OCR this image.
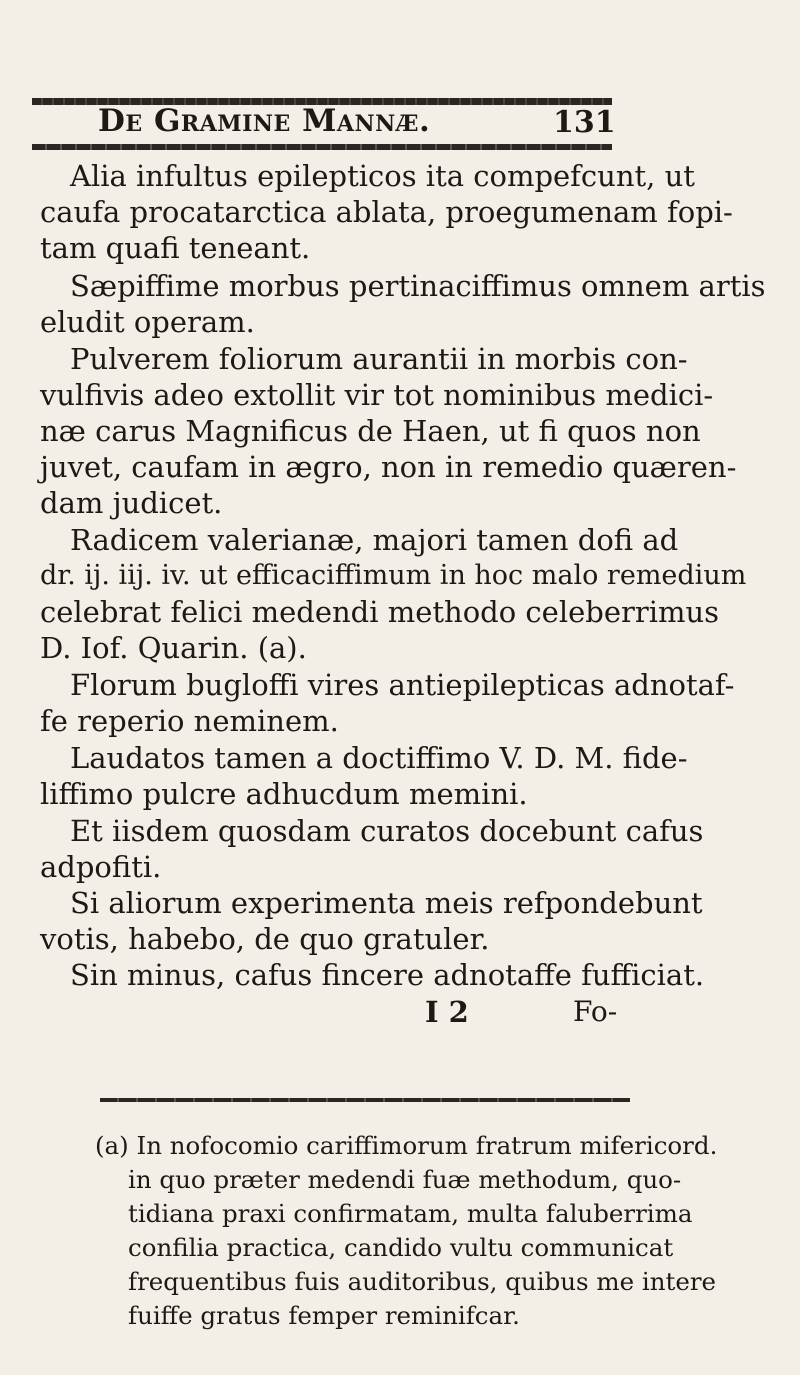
De Gramine Mannæ.	131
Alia infultus epilepticos ita compefcunt, ut
caufa procatarctica ablata, proegumenam fopi-
tam quafi teneant.
Sæpiffime morbus pertinaciffimus omnem artis
eludit operam.
Pulverem foliorum aurantii in morbis con-
vulfivis adeo extollit vir tot nominibus medici-
næ carus Magnificus de Haen, ut fi quos non
juvet, caufam in ægro, non in remedio quæren-
dam judicet.
Radicem valerianæ, majori tamen dofi ad
dr. ij. iij. iv. ut efficaciffimum in hoc malo remedium
celebrat felici medendi methodo celeberrimus
D. Iof. Quarin. (a).
Florum bugloffi vires antiepilepticas adnotaf-
fe reperio neminem.
Laudatos tamen a doctiffimo V. D. M. fide-
liffimo pulcre adhucdum memini.
Et iisdem quosdam curatos docebunt cafus
adpofiti.
Si aliorum experimenta meis refpondebunt
votis, habebo, de quo gratuler.
Sin minus, cafus fincere adnotaffe fufficiat.
I 2	Fo-
(a) In nofocomio cariffimorum fratrum mifericord.
in quo præter medendi fuæ methodum, quo-
tidiana praxi confirmatam, multa faluberrima
confilia practica, candido vultu communicat
frequentibus fuis auditoribus, quibus me intere
fuiffe gratus femper reminifcar.
